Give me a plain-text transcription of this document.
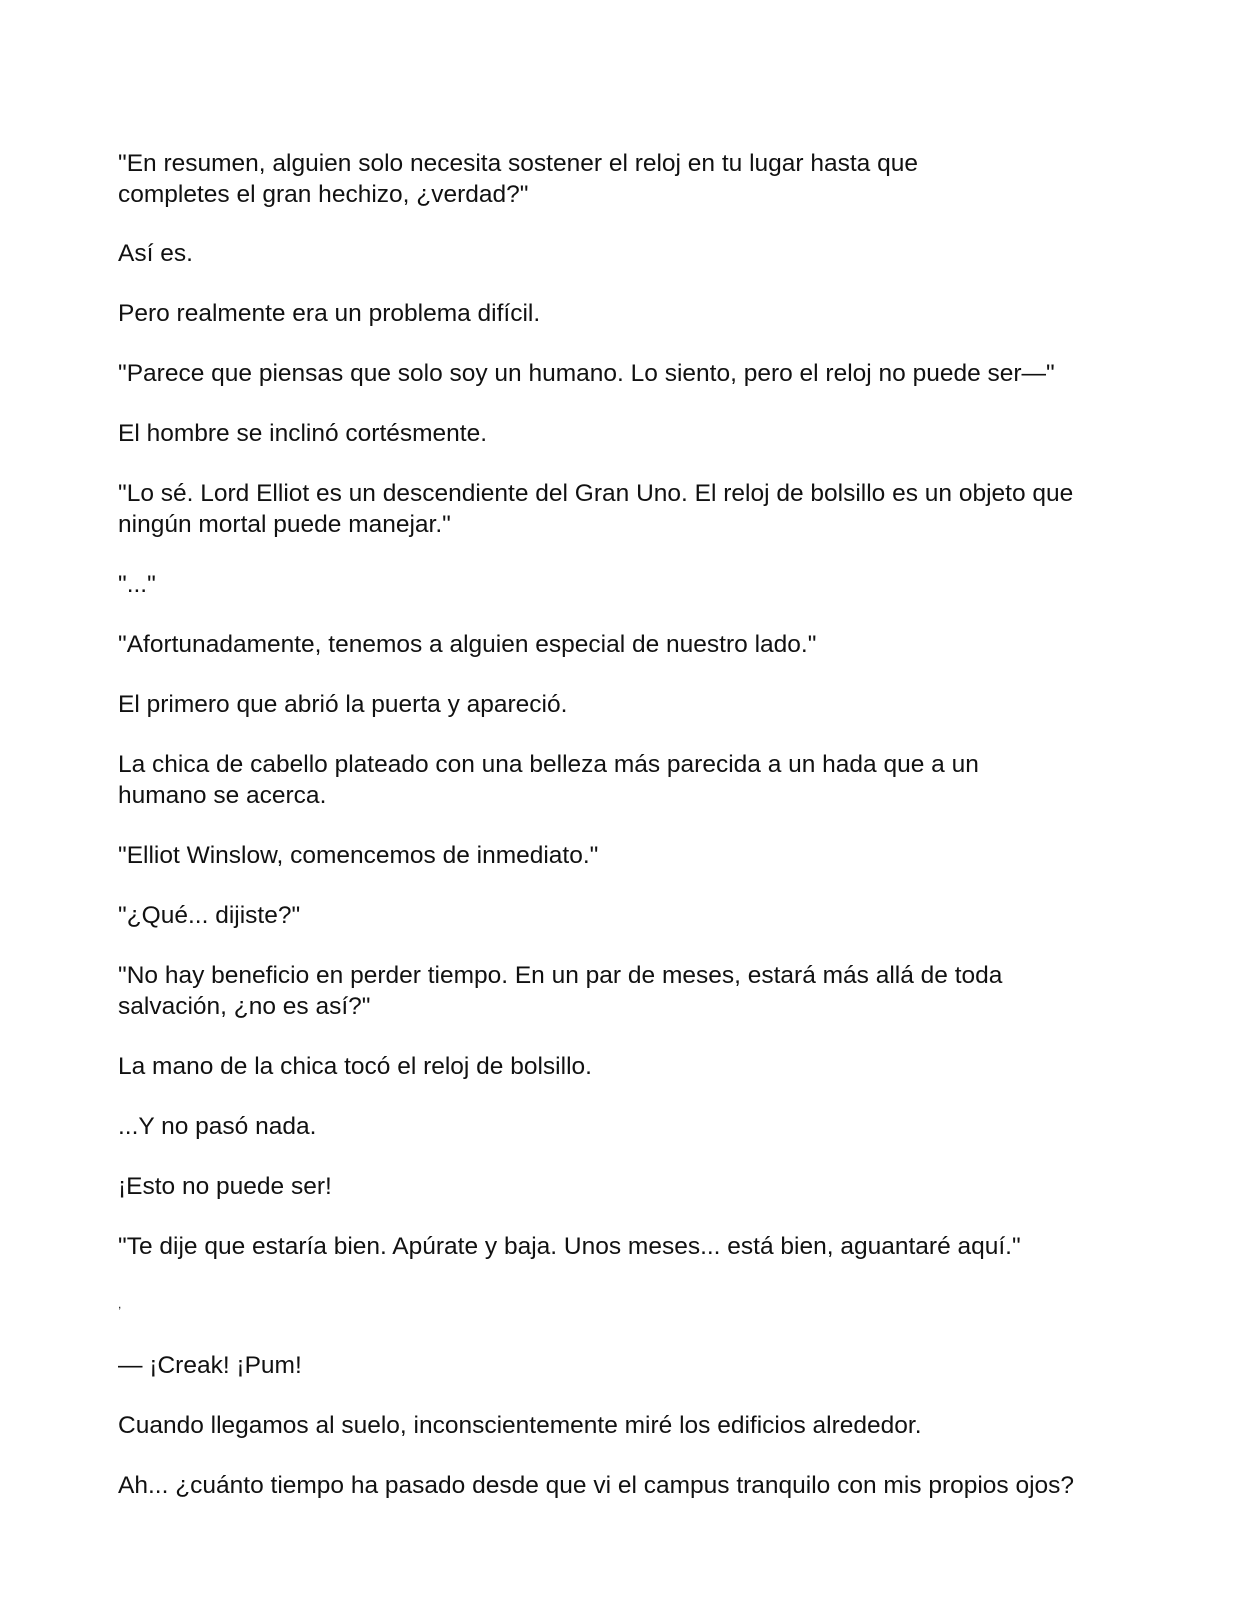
"En resumen, alguien solo necesita sostener el reloj en tu lugar hasta que completes el gran hechizo, ¿verdad?"

Así es.

Pero realmente era un problema difícil.

"Parece que piensas que solo soy un humano. Lo siento, pero el reloj no puede ser—"

El hombre se inclinó cortésmente.

"Lo sé. Lord Elliot es un descendiente del Gran Uno. El reloj de bolsillo es un objeto que ningún mortal puede manejar."

"..."

"Afortunadamente, tenemos a alguien especial de nuestro lado."

El primero que abrió la puerta y apareció.

La chica de cabello plateado con una belleza más parecida a un hada que a un humano se acerca.

"Elliot Winslow, comencemos de inmediato."

"¿Qué... dijiste?"

"No hay beneficio en perder tiempo. En un par de meses, estará más allá de toda salvación, ¿no es así?"

La mano de la chica tocó el reloj de bolsillo.

...Y no pasó nada.

¡Esto no puede ser!

"Te dije que estaría bien. Apúrate y baja. Unos meses... está bien, aguantaré aquí."

,

— ¡Creak! ¡Pum!

Cuando llegamos al suelo, inconscientemente miré los edificios alrededor.

Ah... ¿cuánto tiempo ha pasado desde que vi el campus tranquilo con mis propios ojos?
